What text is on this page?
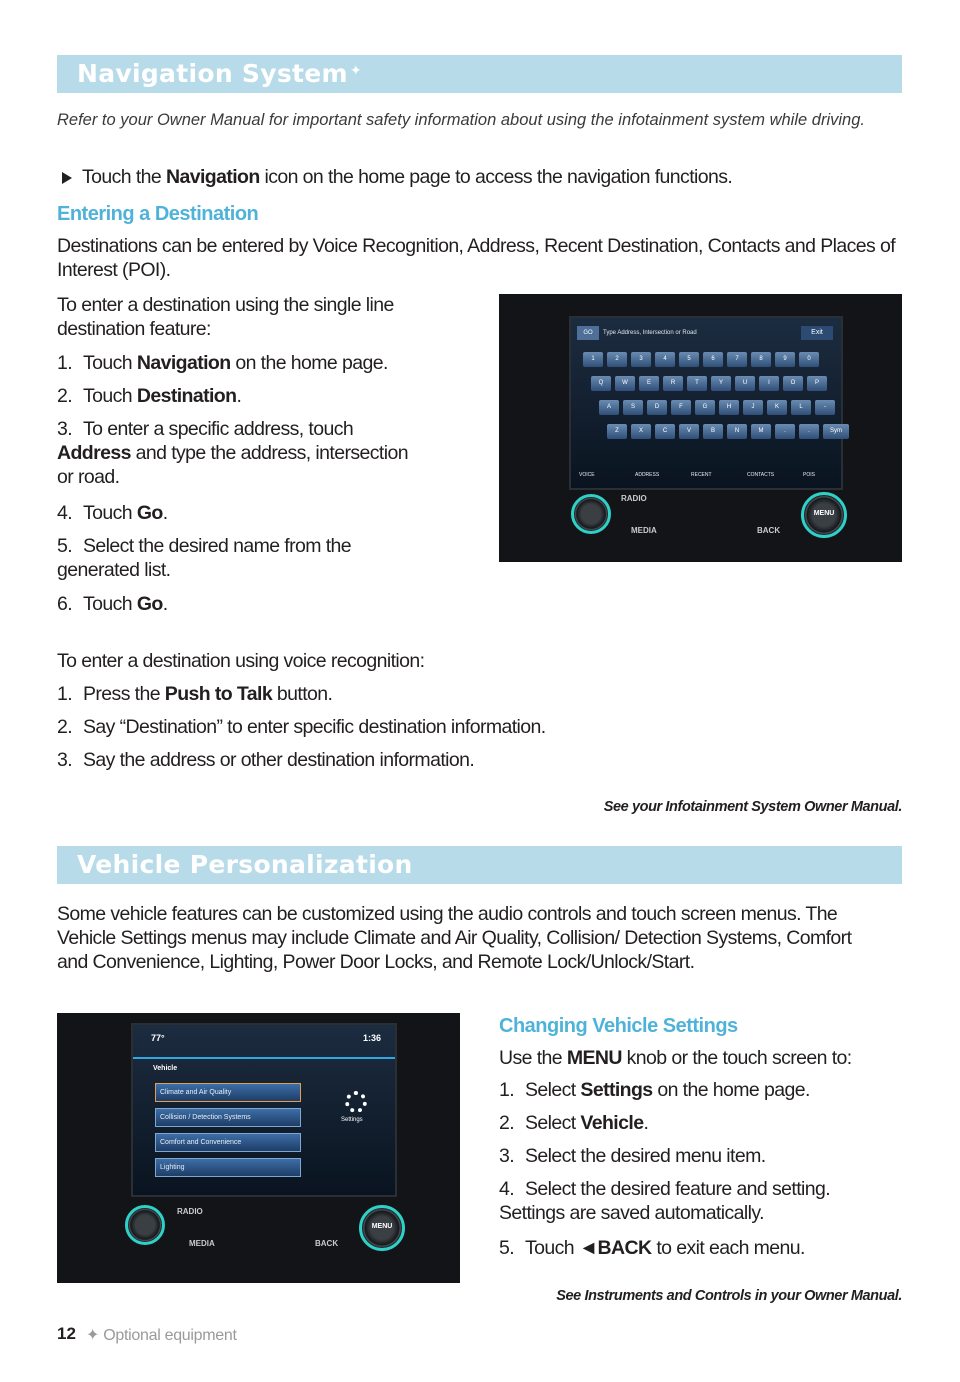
Navigation System ✦
Refer to your Owner Manual for important safety information about using the infotainment system while driving.
Touch the Navigation icon on the home page to access the navigation functions.
Entering a Destination
Destinations can be entered by Voice Recognition, Address, Recent Destination, Contacts and Places of Interest (POI).
To enter a destination using the single line destination feature:
1. Touch Navigation on the home page.
2. Touch Destination.
3. To enter a specific address, touch Address and type the address, intersection or road.
4. Touch Go.
5. Select the desired name from the generated list.
6. Touch Go.
GO	Type Address, Intersection or Road	Exit
1	2	3	4	5	6	7	8	9	0
Q	W	E	R	T	Y	U	I	O	P
A	S	D	F	G	H	J	K	L	-
Z	X	C	V	B	N	M	.	.	Sym
VOICE	ADDRESS	RECENT	CONTACTS	POIS
MENU
RADIO
MEDIA	BACK
To enter a destination using voice recognition:
1. Press the Push to Talk button.
2. Say “Destination” to enter specific destination information.
3. Say the address or other destination information.
See your Infotainment System Owner Manual.
Vehicle Personalization
Some vehicle features can be customized using the audio controls and touch screen menus. The Vehicle Settings menus may include Climate and Air Quality, Collision/ Detection Systems, Comfort and Convenience, Lighting, Power Door Locks, and Remote Lock/Unlock/Start.
77°	1:36
Vehicle
Climate and Air Quality
Collision / Detection Systems
Comfort and Convenience
Lighting
Settings
MENU
RADIO
MEDIA	BACK
Changing Vehicle Settings
Use the MENU knob or the touch screen to:
1. Select Settings on the home page.
2. Select Vehicle.
3. Select the desired menu item.
4. Select the desired feature and setting. Settings are saved automatically.
5. Touch ◄BACK to exit each menu.
See Instruments and Controls in your Owner Manual.
12 ✦ Optional equipment
